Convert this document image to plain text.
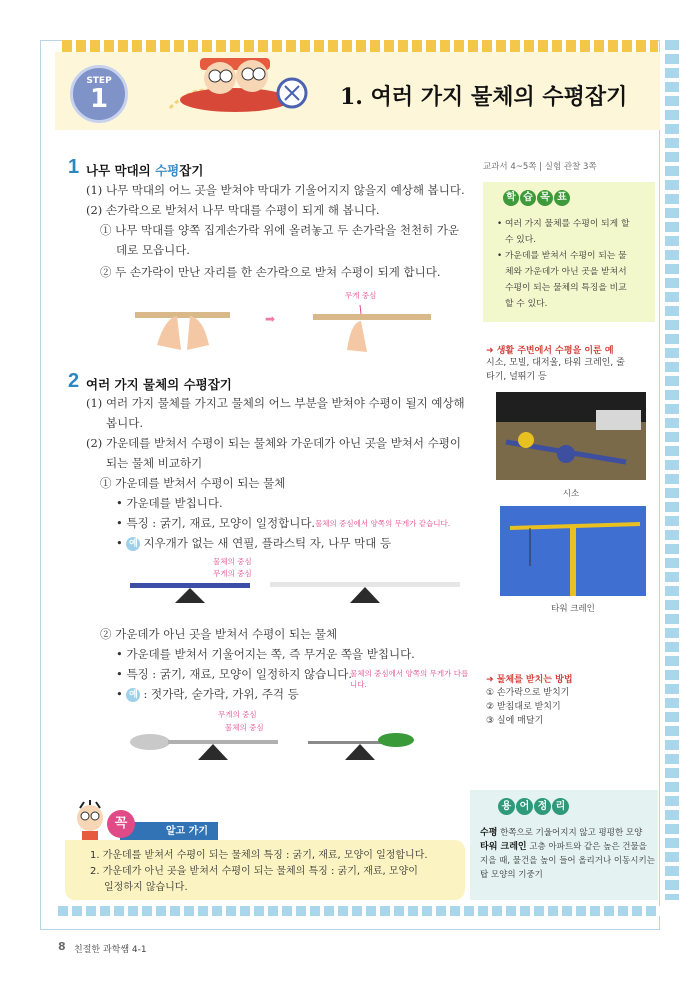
STEP
1	1. 여러 가지 물체의 수평잡기
1 나무 막대의 수평잡기
(1) 나무 막대의 어느 곳을 받쳐야 막대가 기울어지지 않을지 예상해 봅니다.
(2) 손가락으로 받쳐서 나무 막대를 수평이 되게 해 봅니다.
① 나무 막대를 양쪽 집게손가락 위에 올려놓고 두 손가락을 천천히 가운
데로 모읍니다.
② 두 손가락이 만난 자리를 한 손가락으로 받쳐 수평이 되게 합니다.
➡
무게 중심
2 여러 가지 물체의 수평잡기
(1) 여러 가지 물체를 가지고 물체의 어느 부분을 받쳐야 수평이 될지 예상해
봅니다.
(2) 가운데를 받쳐서 수평이 되는 물체와 가운데가 아닌 곳을 받쳐서 수평이
되는 물체 비교하기
① 가운데를 받쳐서 수평이 되는 물체
• 가운데를 받칩니다.
• 특징 : 굵기, 재료, 모양이 일정합니다. 물체의 중심에서 양쪽의 무게가 같습니다.
• 예 지우개가 없는 새 연필, 플라스틱 자, 나무 막대 등
물체의 중심
무게의 중심
② 가운데가 아닌 곳을 받쳐서 수평이 되는 물체
• 가운데를 받쳐서 기울어지는 쪽, 즉 무거운 쪽을 받칩니다.
• 특징 : 굵기, 재료, 모양이 일정하지 않습니다.
물체의 중심에서 양쪽의 무게가 다릅니다.
• 예 : 젓가락, 숟가락, 가위, 주걱 등
무게의 중심
물체의 중심
교과서 4~5쪽 | 실험 관찰 3쪽
학 습 목 표
• 여러 가지 물체를 수평이 되게 할
수 있다.
• 가운데를 받쳐서 수평이 되는 물
체와 가운데가 아닌 곳을 받쳐서
수평이 되는 물체의 특징을 비교
할 수 있다.
➜ 생활 주변에서 수평을 이룬 예
시소, 모빌, 대저울, 타워 크레인, 줄
타기, 널뛰기 등
시소
타워 크레인
➜ 물체를 받치는 방법
① 손가락으로 받치기
② 받침대로 받치기
③ 실에 매달기
용 어 정 리
수평 한쪽으로 기울어지지 않고 평평한 모양
타워 크레인 고층 아파트와 같은 높은 건물을 지을 때, 물건을 높이 들어 올리거나 이동시키는 탑 모양의 기중기
알고 가기
꼭
1. 가운데를 받쳐서 수평이 되는 물체의 특징 : 굵기, 재료, 모양이 일정합니다.
2. 가운데가 아닌 곳을 받쳐서 수평이 되는 물체의 특징 : 굵기, 재료, 모양이
일정하지 않습니다.
8 친절한 과학쌤 4-1
